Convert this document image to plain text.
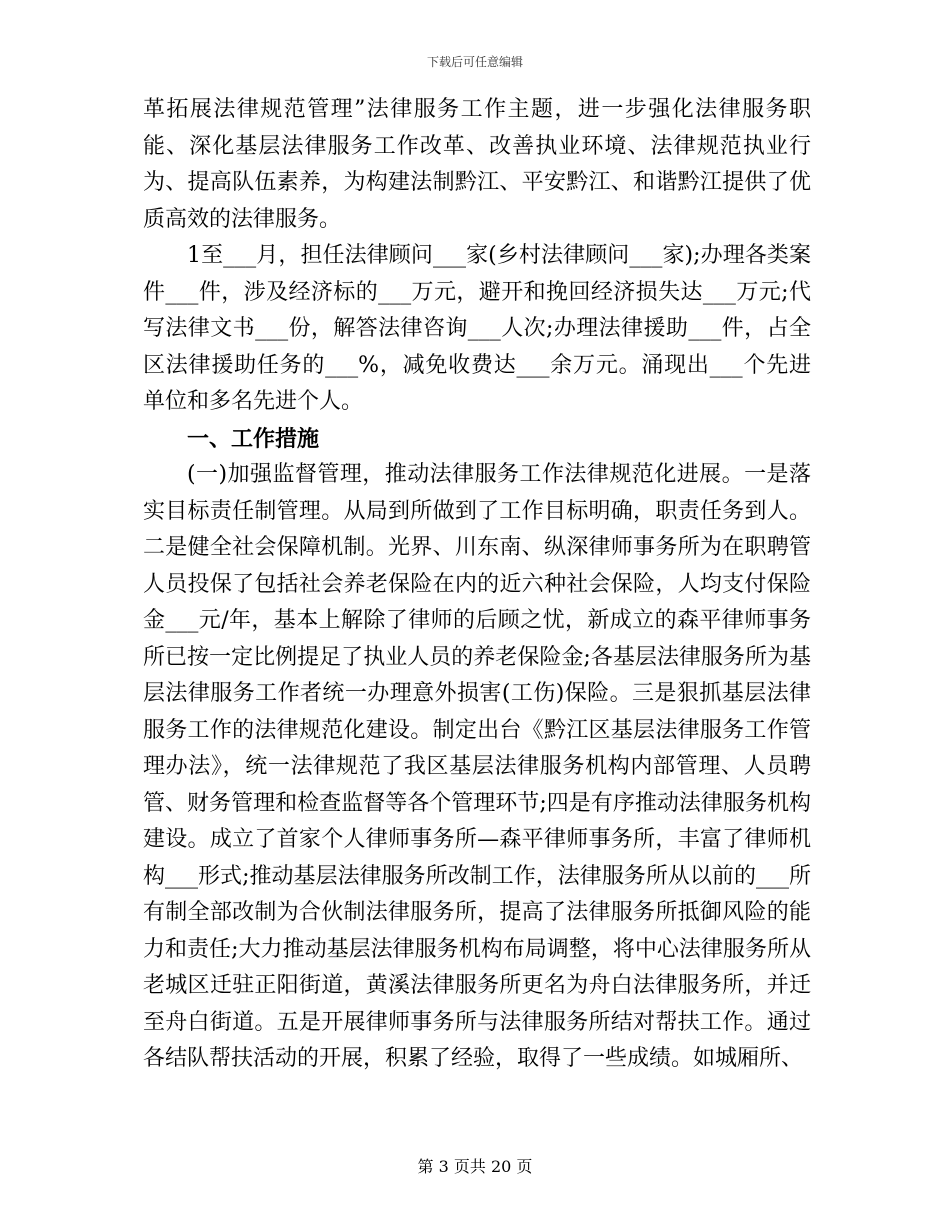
下载后可任意编辑

革拓展法律规范管理”法律服务工作主题，进一步强化法律服务职能、深化基层法律服务工作改革、改善执业环境、法律规范执业行为、提高队伍素养，为构建法制黔江、平安黔江、和谐黔江提供了优质高效的法律服务。

1至___月，担任法律顾问___家(乡村法律顾问___家);办理各类案件___件，涉及经济标的___万元，避开和挽回经济损失达___万元;代写法律文书___份，解答法律咨询___人次;办理法律援助___件，占全区法律援助任务的___%，减免收费达___余万元。涌现出___个先进单位和多名先进个人。

一、工作措施

(一)加强监督管理，推动法律服务工作法律规范化进展。一是落实目标责任制管理。从局到所做到了工作目标明确，职责任务到人。二是健全社会保障机制。光界、川东南、纵深律师事务所为在职聘管人员投保了包括社会养老保险在内的近六种社会保险，人均支付保险金___元/年，基本上解除了律师的后顾之忧，新成立的森平律师事务所已按一定比例提足了执业人员的养老保险金;各基层法律服务所为基层法律服务工作者统一办理意外损害(工伤)保险。三是狠抓基层法律服务工作的法律规范化建设。制定出台《黔江区基层法律服务工作管理办法》，统一法律规范了我区基层法律服务机构内部管理、人员聘管、财务管理和检查监督等各个管理环节;四是有序推动法律服务机构建设。成立了首家个人律师事务所—森平律师事务所，丰富了律师机构___形式;推动基层法律服务所改制工作，法律服务所从以前的___所有制全部改制为合伙制法律服务所，提高了法律服务所抵御风险的能力和责任;大力推动基层法律服务机构布局调整，将中心法律服务所从老城区迁驻正阳街道，黄溪法律服务所更名为舟白法律服务所，并迁至舟白街道。五是开展律师事务所与法律服务所结对帮扶工作。通过各结队帮扶活动的开展，积累了经验，取得了一些成绩。如城厢所、

第 3 页共 20 页
